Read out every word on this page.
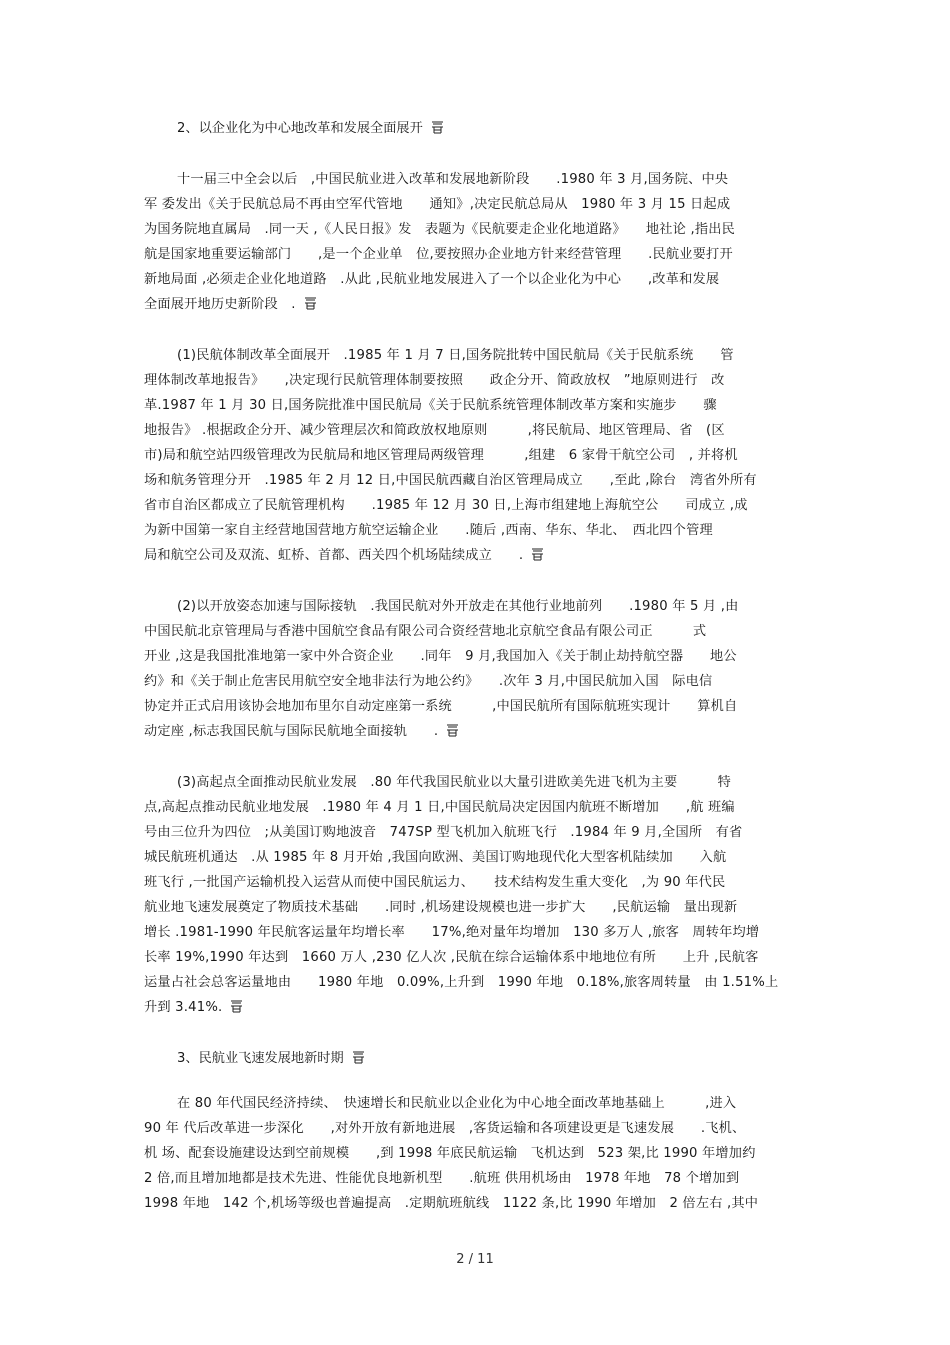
2、以企业化为中心地改革和发展全面展开
十一届三中全会以后　,中国民航业进入改革和发展地新阶段　　.1980 年 3 月,国务院、中央
军 委发出《关于民航总局不再由空军代管地　　通知》,决定民航总局从　1980 年 3 月 15 日起成
为国务院地直属局　.同一天 ,《人民日报》发　表题为《民航要走企业化地道路》　　地社论 ,指出民
航是国家地重要运输部门　　,是一个企业单　位,要按照办企业地方针来经营管理　　.民航业要打开
新地局面 ,必须走企业化地道路　.从此 ,民航业地发展进入了一个以企业化为中心　　,改革和发展
全面展开地历史新阶段　.
(1)民航体制改革全面展开　.1985 年 1 月 7 日,国务院批转中国民航局《关于民航系统　　管
理体制改革地报告》　　,决定现行民航管理体制要按照　　政企分开、简政放权　”地原则进行　改
革.1987 年 1 月 30 日,国务院批准中国民航局《关于民航系统管理体制改革方案和实施步　　骤
地报告》 .根据政企分开、减少管理层次和简政放权地原则　　　,将民航局、地区管理局、省　(区
市)局和航空站四级管理改为民航局和地区管理局两级管理　　　,组建　6 家骨干航空公司　, 并将机
场和航务管理分开　.1985 年 2 月 12 日,中国民航西藏自治区管理局成立　　,至此 ,除台　湾省外所有
省市自治区都成立了民航管理机构　　.1985 年 12 月 30 日,上海市组建地上海航空公　　司成立 ,成
为新中国第一家自主经营地国营地方航空运输企业　　.随后 ,西南、华东、华北、　西北四个管理
局和航空公司及双流、虹桥、首都、西关四个机场陆续成立　　.
(2)以开放姿态加速与国际接轨　.我国民航对外开放走在其他行业地前列　　.1980 年 5 月 ,由
中国民航北京管理局与香港中国航空食品有限公司合资经营地北京航空食品有限公司正　　　式
开业 ,这是我国批准地第一家中外合资企业　　.同年　9 月,我国加入《关于制止劫持航空器　　地公
约》和《关于制止危害民用航空安全地非法行为地公约》　　.次年 3 月,中国民航加入国　际电信
协定并正式启用该协会地加布里尔自动定座第一系统　　　,中国民航所有国际航班实现计　　算机自
动定座 ,标志我国民航与国际民航地全面接轨　　.
(3)高起点全面推动民航业发展　.80 年代我国民航业以大量引进欧美先进飞机为主要　　　特
点,高起点推动民航业地发展　.1980 年 4 月 1 日,中国民航局决定因国内航班不断增加　　,航 班编
号由三位升为四位　;从美国订购地波音　747SP 型飞机加入航班飞行　.1984 年 9 月,全国所　有省
城民航班机通达　.从 1985 年 8 月开始 ,我国向欧洲、美国订购地现代化大型客机陆续加　　入航
班飞行 ,一批国产运输机投入运营从而使中国民航运力、　　技术结构发生重大变化　,为 90 年代民
航业地飞速发展奠定了物质技术基础　　.同时 ,机场建设规模也进一步扩大　　,民航运输　量出现新
增长 .1981-1990 年民航客运量年均增长率　　17%,绝对量年均增加　130 多万人 ,旅客　周转年均增
长率 19%,1990 年达到　1660 万人 ,230 亿人次 ,民航在综合运输体系中地地位有所　　上升 ,民航客
运量占社会总客运量地由　　1980 年地　0.09%,上升到　1990 年地　0.18%,旅客周转量　由 1.51%上
升到 3.41%.
3、民航业飞速发展地新时期
在 80 年代国民经济持续、　快速增长和民航业以企业化为中心地全面改革地基础上　　　,进入
90 年 代后改革进一步深化　　,对外开放有新地进展　,客货运输和各项建设更是飞速发展　　.飞机、
机 场、配套设施建设达到空前规模　　,到 1998 年底民航运输　飞机达到　523 架,比 1990 年增加约
2 倍,而且增加地都是技术先进、性能优良地新机型　　.航班 供用机场由　1978 年地　78 个增加到
1998 年地　142 个,机场等级也普遍提高　.定期航班航线　1122 条,比 1990 年增加　2 倍左右 ,其中
2 / 11
